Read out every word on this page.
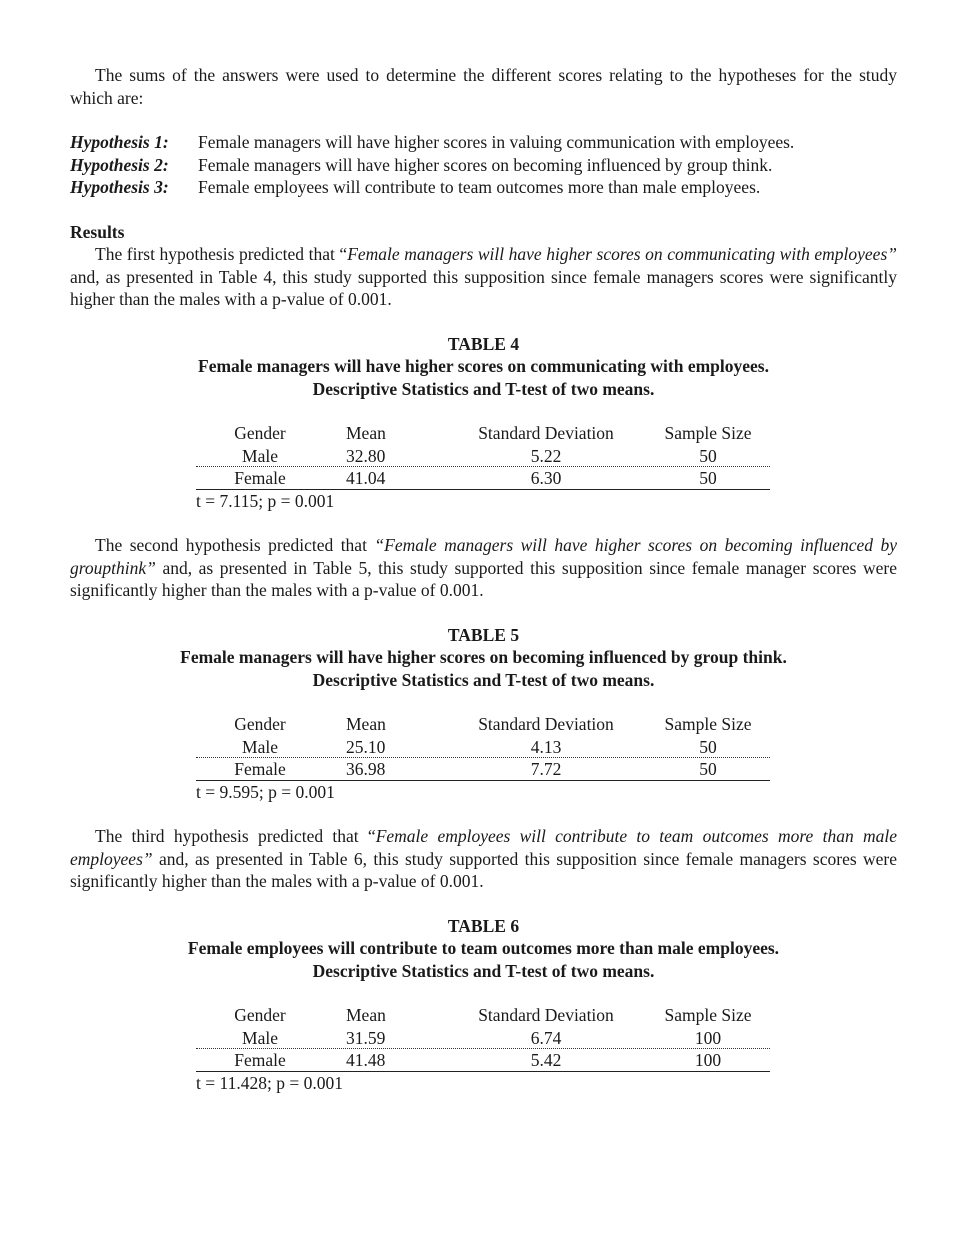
The sums of the answers were used to determine the different scores relating to the hypotheses for the study which are:

Hypothesis 1:	Female managers will have higher scores in valuing communication with employees.
Hypothesis 2:	Female managers will have higher scores on becoming influenced by group think.
Hypothesis 3:	Female employees will contribute to team outcomes more than male employees.
Results

The first hypothesis predicted that “Female managers will have higher scores on communicating with employees” and, as presented in Table 4, this study supported this supposition since female managers scores were significantly higher than the males with a p-value of 0.001.

TABLE 4
Female managers will have higher scores on communicating with employees.
Descriptive Statistics and T-test of two means.
Gender	Mean	Standard Deviation	Sample Size
Male	32.80	5.22	50
Female	41.04	6.30	50
t = 7.115; p = 0.001

The second hypothesis predicted that “Female managers will have higher scores on becoming influenced by groupthink” and, as presented in Table 5, this study supported this supposition since female manager scores were significantly higher than the males with a p-value of 0.001.

TABLE 5
Female managers will have higher scores on becoming influenced by group think.
Descriptive Statistics and T-test of two means.
Gender	Mean	Standard Deviation	Sample Size
Male	25.10	4.13	50
Female	36.98	7.72	50
t = 9.595; p = 0.001

The third hypothesis predicted that “Female employees will contribute to team outcomes more than male employees” and, as presented in Table 6, this study supported this supposition since female managers scores were significantly higher than the males with a p-value of 0.001.

TABLE 6
Female employees will contribute to team outcomes more than male employees.
Descriptive Statistics and T-test of two means.
Gender	Mean	Standard Deviation	Sample Size
Male	31.59	6.74	100
Female	41.48	5.42	100
t = 11.428; p = 0.001
